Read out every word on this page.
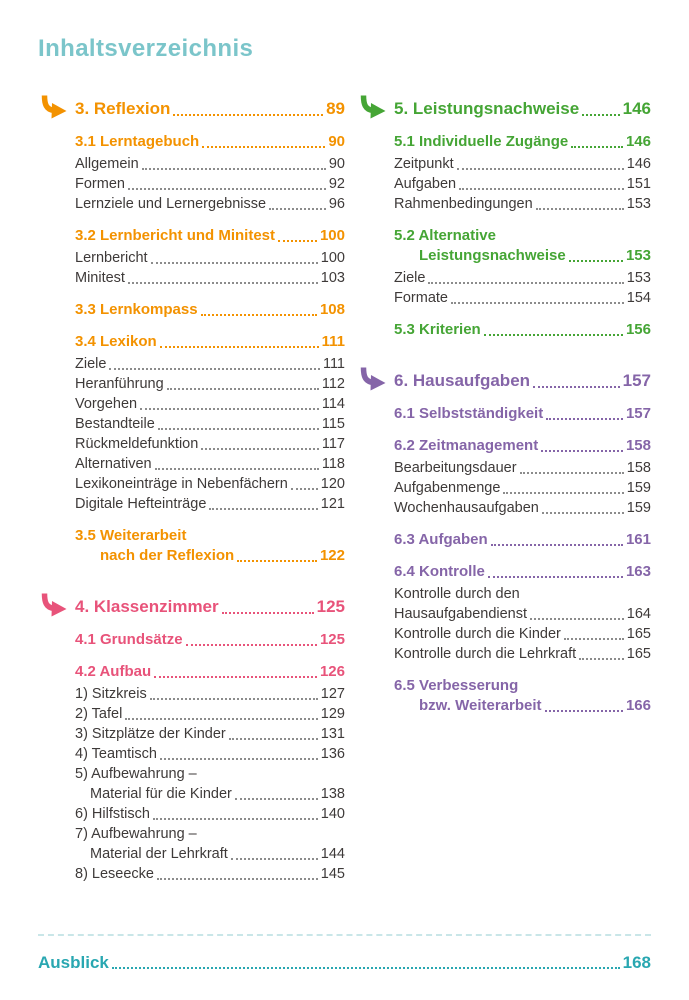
Inhaltsverzeichnis
3. Reflexion	89
3.1 Lerntagebuch	90
Allgemein	90
Formen	92
Lernziele und Lernergebnisse	96
3.2 Lernbericht und Minitest	100
Lernbericht	100
Minitest	103
3.3 Lernkompass	108
3.4 Lexikon	111
Ziele	111
Heranführung	112
Vorgehen	114
Bestandteile	115
Rückmeldefunktion	117
Alternativen	118
Lexikoneinträge in Nebenfächern 120
Digitale Hefteinträge	121
3.5 Weiterarbeit
nach der Reflexion	122
4. Klassenzimmer	125
4.1 Grundsätze	125
4.2 Aufbau	126
1) Sitzkreis	127
2) Tafel	129
3) Sitzplätze der Kinder	131
4) Teamtisch	136
5) Aufbewahrung –
Material für die Kinder	138
6) Hilfstisch	140
7) Aufbewahrung –
Material der Lehrkraft	144
8) Leseecke	145
5. Leistungsnachweise	146
5.1 Individuelle Zugänge	146
Zeitpunkt	146
Aufgaben	151
Rahmenbedingungen	153
5.2 Alternative
Leistungsnachweise	153
Ziele	153
Formate	154
5.3 Kriterien	156
6. Hausaufgaben	157
6.1 Selbstständigkeit	157
6.2 Zeitmanagement	158
Bearbeitungsdauer	158
Aufgabenmenge	159
Wochenhausaufgaben	159
6.3 Aufgaben	161
6.4 Kontrolle	163
Kontrolle durch den
Hausaufgabendienst	164
Kontrolle durch die Kinder	165
Kontrolle durch die Lehrkraft	165
6.5 Verbesserung
bzw. Weiterarbeit	166
Ausblick	168
